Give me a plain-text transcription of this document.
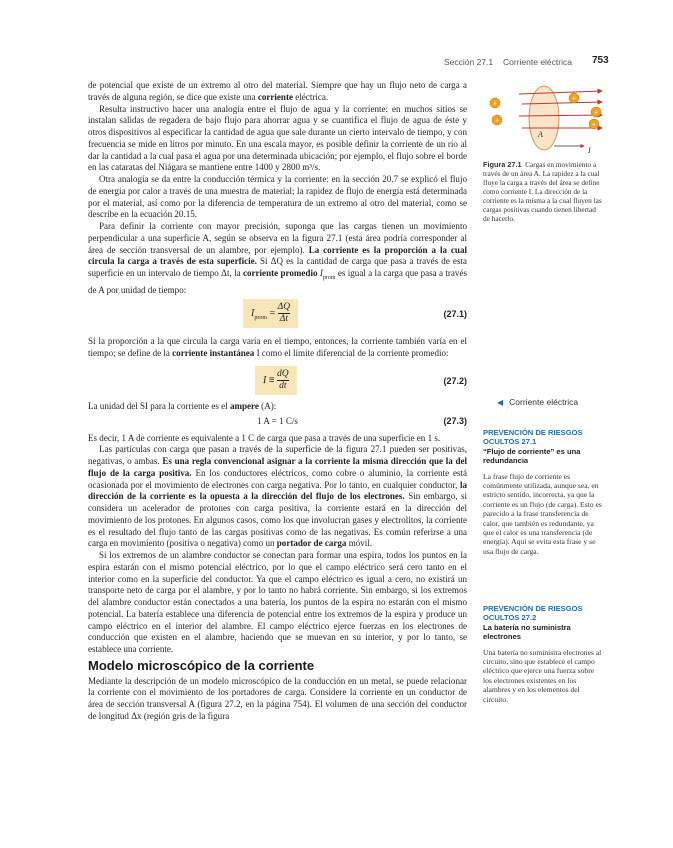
Sección 27.1 Corriente eléctrica 753
+
+
+
+
+
A
I
Figura 27.1 Cargas en movimiento a través de un área A. La rapidez a la cual fluye la carga a través del área se define como corriente I. La dirección de la corriente es la misma a la cual fluyen las cargas positivas cuando tienen libertad de hacerlo.
◀ Corriente eléctrica
PREVENCIÓN DE RIESGOS OCULTOS 27.1
“Flujo de corriente” es una redundancia
La frase flujo de corriente es comúnmente utilizada, aunque sea, en estricto sentido, incorrecta, ya que la corriente es un flujo (de carga). Esto es parecido a la frase transferencia de calor, que también es redundante, ya que el calor es una transferencia (de energía). Aquí se evita esta frase y se usa flujo de carga.
PREVENCIÓN DE RIESGOS OCULTOS 27.2
La batería no suministra electrones
Una batería no suministra electrones al circuito, sino que establece el campo eléctrico que ejerce una fuerza sobre los electrones existentes en los alambres y en los elementos del circuito.

de potencial que existe de un extremo al otro del material. Siempre que hay un flujo neto de carga a través de alguna región, se dice que existe una corriente eléctrica.

Resulta instructivo hacer una analogía entre el flujo de agua y la corriente: en muchos sitios se instalan salidas de regadera de bajo flujo para ahorrar agua y se cuantifica el flujo de agua de éste y otros dispositivos al especificar la cantidad de agua que sale durante un cierto intervalo de tiempo, y con frecuencia se mide en litros por minuto. En una escala mayor, es posible definir la corriente de un río al dar la cantidad a la cual pasa el agua por una determinada ubicación; por ejemplo, el flujo sobre el borde en las cataratas del Niágara se mantiene entre 1400 y 2800 m³/s.

Otra analogía se da entre la conducción térmica y la corriente: en la sección 20.7 se explicó el flujo de energía por calor a través de una muestra de material; la rapidez de flujo de energía está determinada por el material, así como por la diferencia de temperatura de un extremo al otro del material, como se describe en la ecuación 20.15.

Para definir la corriente con mayor precisión, suponga que las cargas tienen un movimiento perpendicular a una superficie A, según se observa en la figura 27.1 (esta área podría corresponder al área de sección transversal de un alambre, por ejemplo). La corriente es la proporción a la cual circula la carga a través de esta superficie. Si ΔQ es la cantidad de carga que pasa a través de esta superficie en un intervalo de tiempo Δt, la corriente promedio $I_{prom}$ es igual a la carga que pasa a través de A por unidad de tiempo:

$I_{prom} = \frac{\Delta Q}{\Delta t}$	(27.1)

Si la proporción a la que circula la carga varía en el tiempo, entonces, la corriente también varía en el tiempo; se define de la corriente instantánea I como el límite diferencial de la corriente promedio:

$I \equiv \frac{dQ}{dt}$	(27.2)

La unidad del SI para la corriente es el ampere (A):

1 A = 1 C/s	(27.3)

Es decir, 1 A de corriente es equivalente a 1 C de carga que pasa a través de una superficie en 1 s.

Las partículas con carga que pasan a través de la superficie de la figura 27.1 pueden ser positivas, negativas, o ambas. Es una regla convencional asignar a la corriente la misma dirección que la del flujo de la carga positiva. En los conductores eléctricos, como cobre o aluminio, la corriente está ocasionada por el movimiento de electrones con carga negativa. Por lo tanto, en cualquier conductor, la dirección de la corriente es la opuesta a la dirección del flujo de los electrones. Sin embargo, si considera un acelerador de protones con carga positiva, la corriente estará en la dirección del movimiento de los protones. En algunos casos, como los que involucran gases y electrolitos, la corriente es el resultado del flujo tanto de las cargas positivas como de las negativas. Es común referirse a una carga en movimiento (positiva o negativa) como un portador de carga móvil.

Si los extremos de un alambre conductor se conectan para formar una espira, todos los puntos en la espira estarán con el mismo potencial eléctrico, por lo que el campo eléctrico será cero tanto en el interior como en la superficie del conductor. Ya que el campo eléctrico es igual a cero, no existirá un transporte neto de carga por el alambre, y por lo tanto no habrá corriente. Sin embargo, si los extremos del alambre conductor están conectados a una batería, los puntos de la espira no estarán con el mismo potencial. La batería establece una diferencia de potencial entre los extremos de la espira y produce un campo eléctrico en el interior del alambre. El campo eléctrico ejerce fuerzas en los electrones de conducción que existen en el alambre, haciendo que se muevan en su interior, y por lo tanto, se establece una corriente.

Modelo microscópico de la corriente

Mediante la descripción de un modelo microscópico de la conducción en un metal, se puede relacionar la corriente con el movimiento de los portadores de carga. Considere la corriente en un conductor de área de sección transversal A (figura 27.2, en la página 754). El volumen de una sección del conductor de longitud Δx (región gris de la figura
